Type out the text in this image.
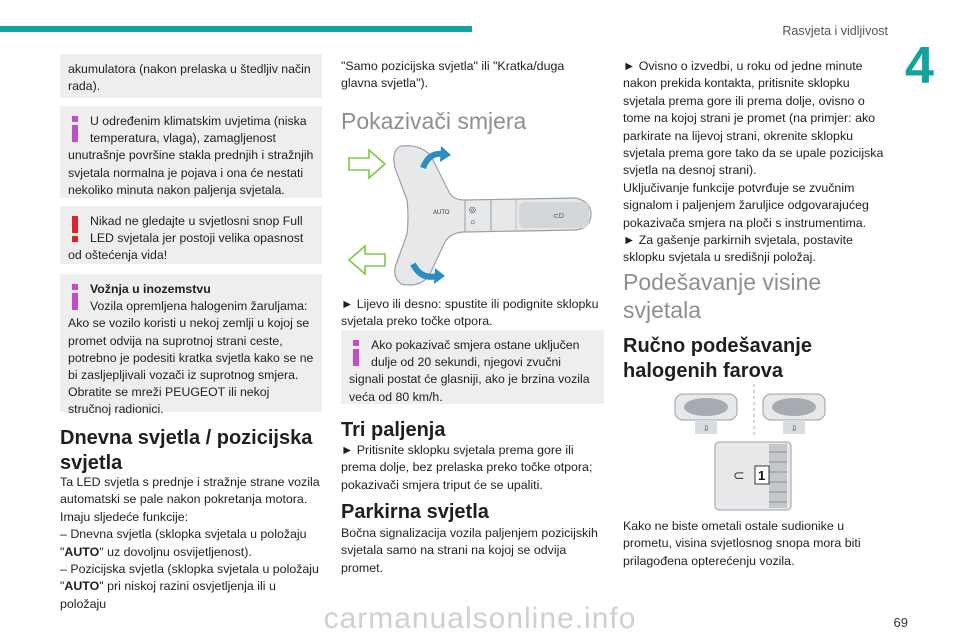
Rasvjeta i vidljivost
4
akumulatora (nakon prelaska u štedljiv način rada).
U određenim klimatskim uvjetima (niska
temperatura, vlaga), zamagljenost
unutrašnje površine stakla prednjih i stražnjih svjetala normalna je pojava i ona će nestati nekoliko minuta nakon paljenja svjetala.
Nikad ne gledajte u svjetlosni snop Full
LED svjetala jer postoji velika opasnost
od oštećenja vida!
Vožnja u inozemstvu
Vozila opremljena halogenim žaruljama:
Ako se vozilo koristi u nekoj zemlji u kojoj se promet odvija na suprotnoj strani ceste, potrebno je podesiti kratka svjetla kako se ne bi zasljepljivali vozači iz suprotnog smjera. Obratite se mreži PEUGEOT ili nekoj stručnoj radionici.
Dnevna svjetla / pozicijska svjetla
Ta LED svjetla s prednje i stražnje strane vozila automatski se pale nakon pokretanja motora.
Imaju sljedeće funkcije:
– Dnevna svjetla (sklopka svjetala u položaju
"AUTO" uz dovoljnu osvijetljenost).
– Pozicijska svjetla (sklopka svjetala u položaju
"AUTO" pri niskoj razini osvjetljenja ili u položaju
"Samo pozicijska svjetla" ili "Kratka/duga glavna svjetla").
Pokazivači smjera
AUTO ◎
☼
⊂D
► Lijevo ili desno: spustite ili podignite sklopku svjetala preko točke otpora.
Ako pokazivač smjera ostane uključen
dulje od 20 sekundi, njegovi zvučni
signali postat će glasniji, ako je brzina vozila veća od 80 km/h.
Tri paljenja
► Pritisnite sklopku svjetala prema gore ili prema dolje, bez prelaska preko točke otpora; pokazivači smjera triput će se upaliti.
Parkirna svjetla
Bočna signalizacija vozila paljenjem pozicijskih svjetala samo na strani na kojoj se odvija promet.
► Ovisno o izvedbi, u roku od jedne minute nakon prekida kontakta, pritisnite sklopku svjetala prema gore ili prema dolje, ovisno o tome na kojoj strani je promet (na primjer: ako parkirate na lijevoj strani, okrenite sklopku svjetala prema gore tako da se upale pozicijska svjetla na desnoj strani).
Uključivanje funkcije potvrđuje se zvučnim signalom i paljenjem žaruljice odgovarajućeg pokazivača smjera na ploči s instrumentima.
► Za gašenje parkirnih svjetala, postavite sklopku svjetala u središnji položaj.
Podešavanje visine svjetala
Ručno podešavanje halogenih farova
⇩	⇩
1
⊂
Kako ne biste ometali ostale sudionike u prometu, visina svjetlosnog snopa mora biti prilagođena opterećenju vozila.
69
carmanualsonline.info
